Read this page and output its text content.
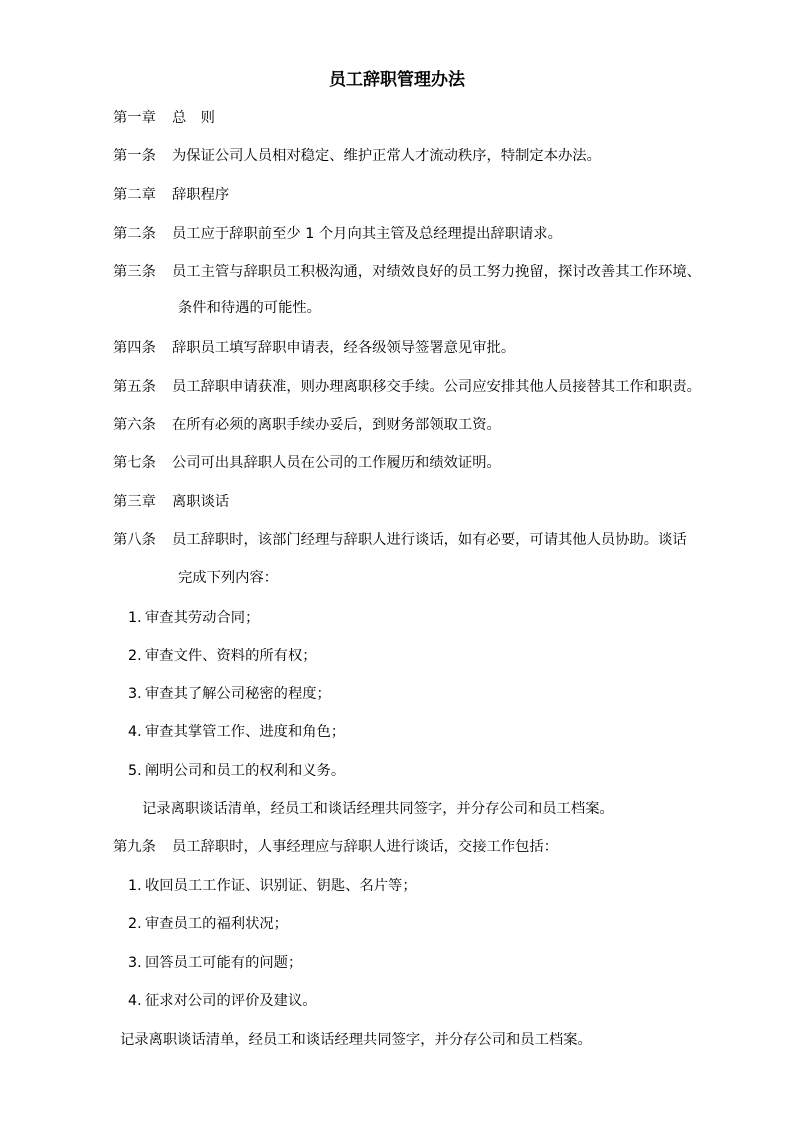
员工辞职管理办法
第一章 总　则
第一条 为保证公司人员相对稳定、维护正常人才流动秩序，特制定本办法。
第二章 辞职程序
第二条 员工应于辞职前至少 1 个月向其主管及总经理提出辞职请求。
第三条 员工主管与辞职员工积极沟通，对绩效良好的员工努力挽留，探讨改善其工作环境、
条件和待遇的可能性。
第四条 辞职员工填写辞职申请表，经各级领导签署意见审批。
第五条 员工辞职申请获准，则办理离职移交手续。公司应安排其他人员接替其工作和职责。
第六条 在所有必须的离职手续办妥后，到财务部领取工资。
第七条 公司可出具辞职人员在公司的工作履历和绩效证明。
第三章 离职谈话
第八条 员工辞职时，该部门经理与辞职人进行谈话，如有必要，可请其他人员协助。谈话
完成下列内容：
1. 审查其劳动合同；
2. 审查文件、资料的所有权；
3. 审查其了解公司秘密的程度；
4. 审查其掌管工作、进度和角色；
5. 阐明公司和员工的权利和义务。
记录离职谈话清单，经员工和谈话经理共同签字，并分存公司和员工档案。
第九条 员工辞职时，人事经理应与辞职人进行谈话，交接工作包括：
1. 收回员工工作证、识别证、钥匙、名片等；
2. 审查员工的福利状况；
3. 回答员工可能有的问题；
4. 征求对公司的评价及建议。
记录离职谈话清单，经员工和谈话经理共同签字，并分存公司和员工档案。
